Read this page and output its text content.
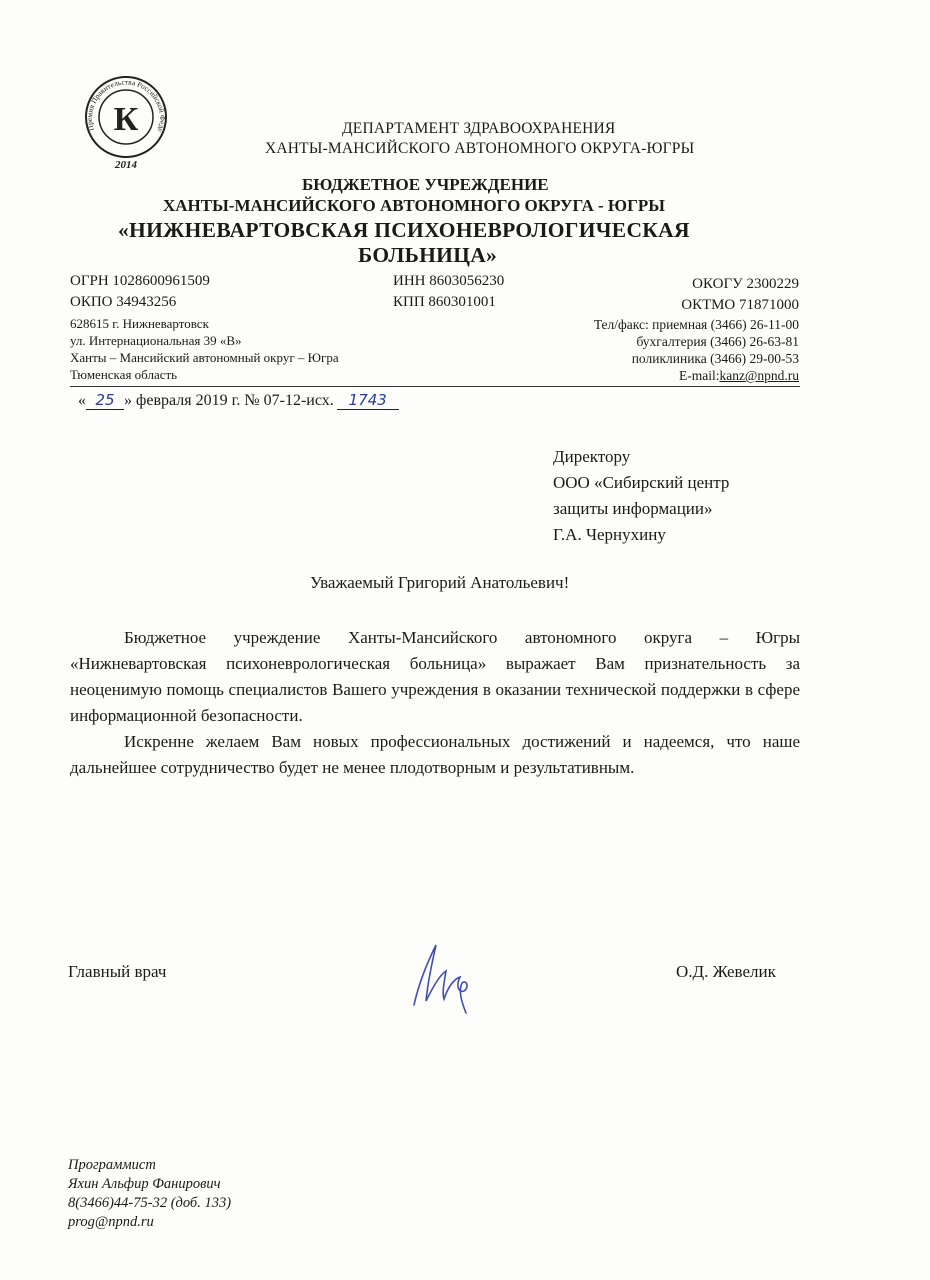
Премия Правительства Российской Феде
К
2014
ДЕПАРТАМЕНТ ЗДРАВООХРАНЕНИЯ
ХАНТЫ-МАНСИЙСКОГО АВТОНОМНОГО ОКРУГА-ЮГРЫ
БЮДЖЕТНОЕ УЧРЕЖДЕНИЕ
ХАНТЫ-МАНСИЙСКОГО АВТОНОМНОГО ОКРУГА - ЮГРЫ
«НИЖНЕВАРТОВСКАЯ ПСИХОНЕВРОЛОГИЧЕСКАЯ
БОЛЬНИЦА»
ОГРН 1028600961509
ОКПО 34943256
ИНН 8603056230
КПП 860301001
ОКОГУ 2300229
ОКТМО 71871000
628615 г. Нижневартовск
ул. Интернациональная 39 «В»
Ханты – Мансийский автономный округ – Югра
Тюменская область
Тел/факс: приемная (3466) 26-11-00
бухгалтерия (3466) 26-63-81
поликлиника (3466) 29-00-53
E-mail:kanz@npnd.ru
« 25 » февраля 2019 г. № 07-12-исх. 1743
Директору
ООО «Сибирский центр
защиты информации»
Г.А. Чернухину
Уважаемый Григорий Анатольевич!

Бюджетное учреждение Ханты-Мансийского автономного округа – Югры «Нижневартовская психоневрологическая больница» выражает Вам признательность за неоценимую помощь специалистов Вашего учреждения в оказании технической поддержки в сфере информационной безопасности.

Искренне желаем Вам новых профессиональных достижений и надеемся, что наше дальнейшее сотрудничество будет не менее плодотворным и результативным.

Главный врач	О.Д. Жевелик
Программист
Яхин Альфир Фанирович
8(3466)44-75-32 (доб. 133)
prog@npnd.ru
